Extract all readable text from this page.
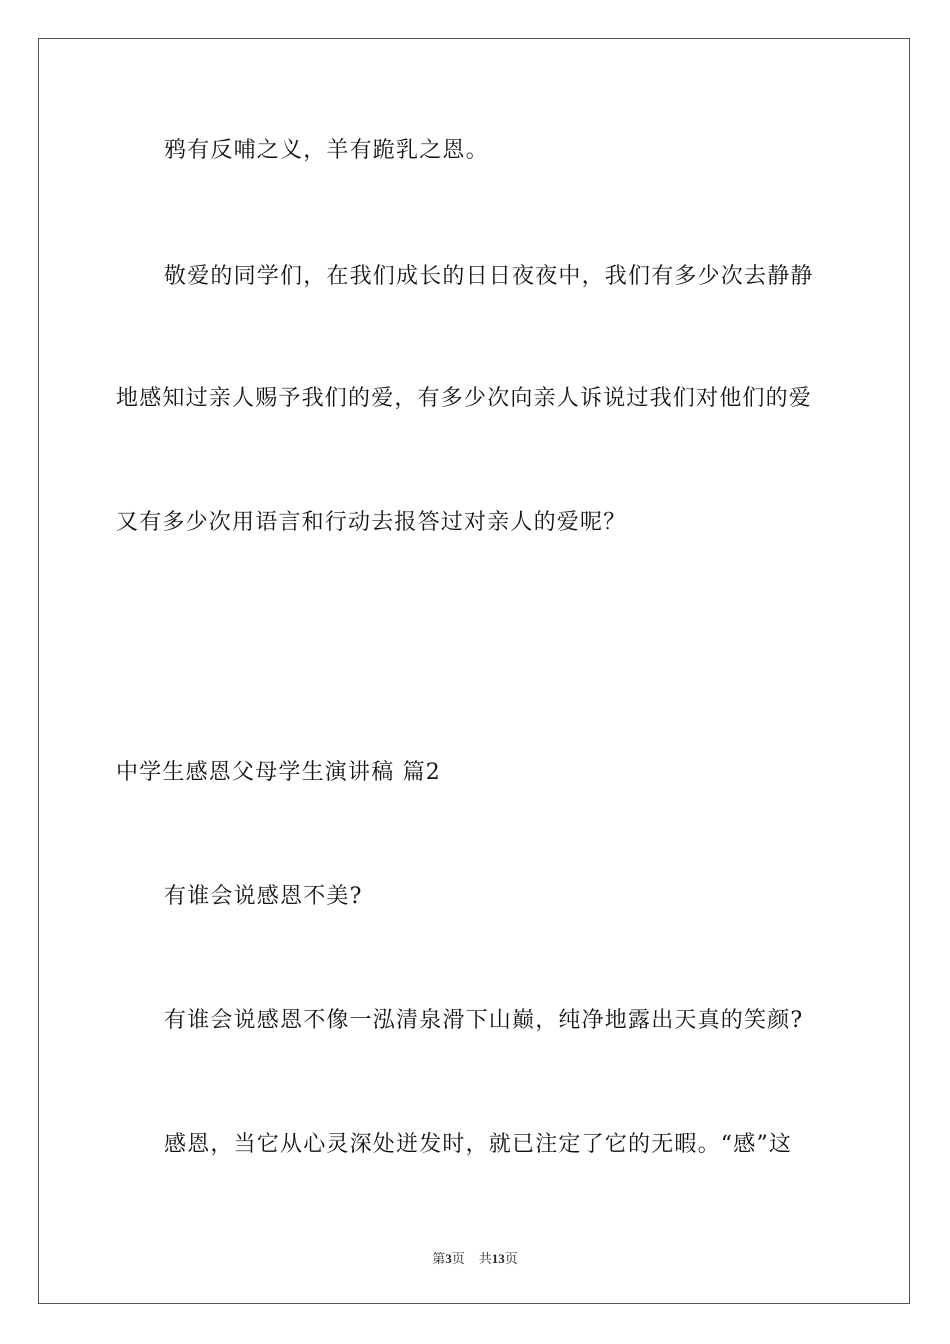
鸦有反哺之义，羊有跪乳之恩。
敬爱的同学们，在我们成长的日日夜夜中，我们有多少次去静静
地感知过亲人赐予我们的爱，有多少次向亲人诉说过我们对他们的爱
又有多少次用语言和行动去报答过对亲人的爱呢？
中学生感恩父母学生演讲稿 篇2
有谁会说感恩不美?
有谁会说感恩不像一泓清泉滑下山巅，纯净地露出天真的笑颜?
感恩，当它从心灵深处迸发时，就已注定了它的无暇。“感”这
第3页 共13页
